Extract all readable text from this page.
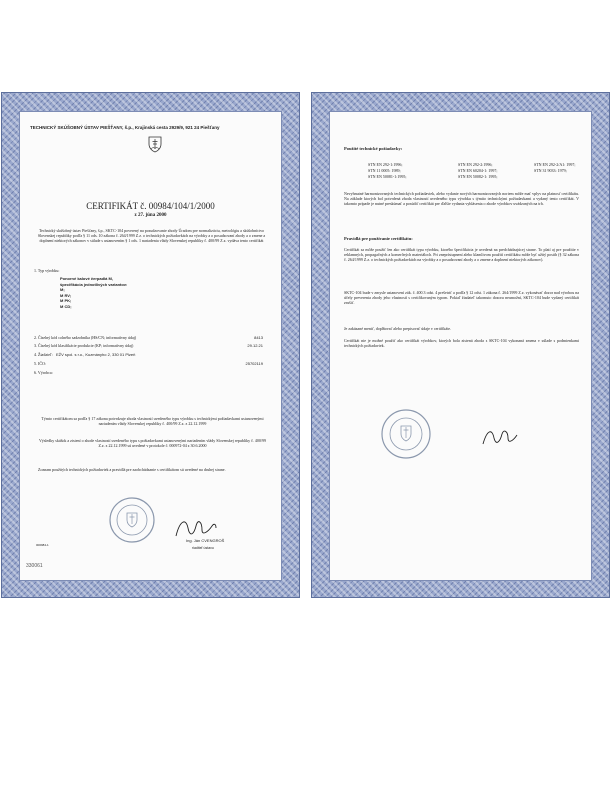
TECHNICKÝ SKÚŠOBNÝ ÚSTAV PIEŠŤANY, š.p., Krajinská cesta 2929/9, 921 24 Piešťany
CERTIFIKÁT č. 00984/104/1/2000
z 27. júna 2000
Technický skúšobný ústav Piešťany, š.p., SKTC-104 poverený na posudzovanie zhody Úradom pre normalizáciu, metrológiu a skúšobníctvo Slovenskej republiky podľa § 11 ods. 10 zákona č. 264/1999 Z.z. o technických požiadavkách na výrobky a o posudzovaní zhody a o zmene a doplnení niektorých zákonov v súlade s ustanovením § 1 ods. 1 nariadenia vlády Slovenskej republiky č. 400/99 Z.z. vydáva tento certifikát
1. Typ výrobku:
Ponorné kalové čerpadlá M,
špecifikácia jednotlivých variantov:
M;
M RV;
M PK;
M CD;
2. Číselný kód colného sadzobníka (HS/CN; informatívny údaj)	8413
3. Číselný kód klasifikácie produkcie (KP; informatívny údaj)	29.12.21
4. Žiadateľ: EŽV spol. s r.o., Kuzmányho 2, 330 01 Plzeň
5. IČO:	25702119
6. Výrobca:
Týmto certifikátom sa podľa § 17 zákona potvrdzuje zhoda vlastností uvedeného typu výrobku s technickými požiadavkami ustanovenými nariadením vlády Slovenskej republiky č. 400/99 Z.z. z 22.12.1999
Výsledky skúšok a zistení o zhode vlastností uvedeného typu s požiadavkami ustanovenými nariadením vlády Slovenskej republiky č. 400/99 Z.z. z 22.12.1999 sú uvedené v protokole č. 000972-04 z 30.6.2000
Zoznam použitých technických požiadaviek a pravidlá pre zaobchádzanie s certifikátom sú uvedené na druhej strane.
000984-1
Ing. Ján CVENGROŠ
riaditeľ ústavu
330061
Použité technické požiadavky:
STN EN 292-1:1996;	STN EN 292-2:1996;	STN EN 292-2/A1: 1997;
STN 11 0005: 1989;	STN EN 60204-1: 1997;	STN 31 9033: 1979;
STN EN 50081-1:1995;	STN EN 50082-1: 1995;
Nevyhnutné harmonizovaných technických požiadaviek, alebo vydanie nových harmonizovaných noriem môže mať vplyv na platnosť certifikátu. Na základe ktorých bol potvrdená zhoda vlastností uvedeného typu výrobku s týmito technickými požiadavkami a vydaný tento certifikát. V takomto prípade je nutné preskúmať a posúdiť certifikát pre ďalšie vydania vyhlásenia o zhode výrobkov uvádzaných na trh.
Pravidlá pre používanie certifikátu:
Certifikát sa môže použiť len ako certifikát typu výrobku, ktorého špecifikácia je uvedená na predchádzajúcej strane. To platí aj pre použitie v reklamných, propagačných a komerčných materiáloch. Pri zneprístupnení alebo klamlivom použití certifikátu môže byť užitý postih (§ 32 zákona č. 264/1999 Z.z. o technických požiadavkách na výrobky a o posudzovaní zhody a o zmene a doplnení niektorých zákonov).
SKTC-104 bude v zmysle ustanovení zák. č. 400.3 odst. 4 prešetriť a podľa § 12 odst. 1 zákona č. 264/1999 Z.z. vykonávať dozor nad výrobou na účely preverenia zhody jeho vlastností s certifikovaným typom. Pokiaľ žiadateľ takomuto dozoru neumožní, SKTC-104 bude vydaný certifikát zrušiť.
Je zakázané meniť, doplňovať alebo prepisovať údaje v certifikáte.
Certifikát nie je možné použiť ako certifikát výrobkov, ktorých bola zistená zhoda s SKTC-104 vykonaná zmena v súlade s podmienkami technických požiadaviek.
